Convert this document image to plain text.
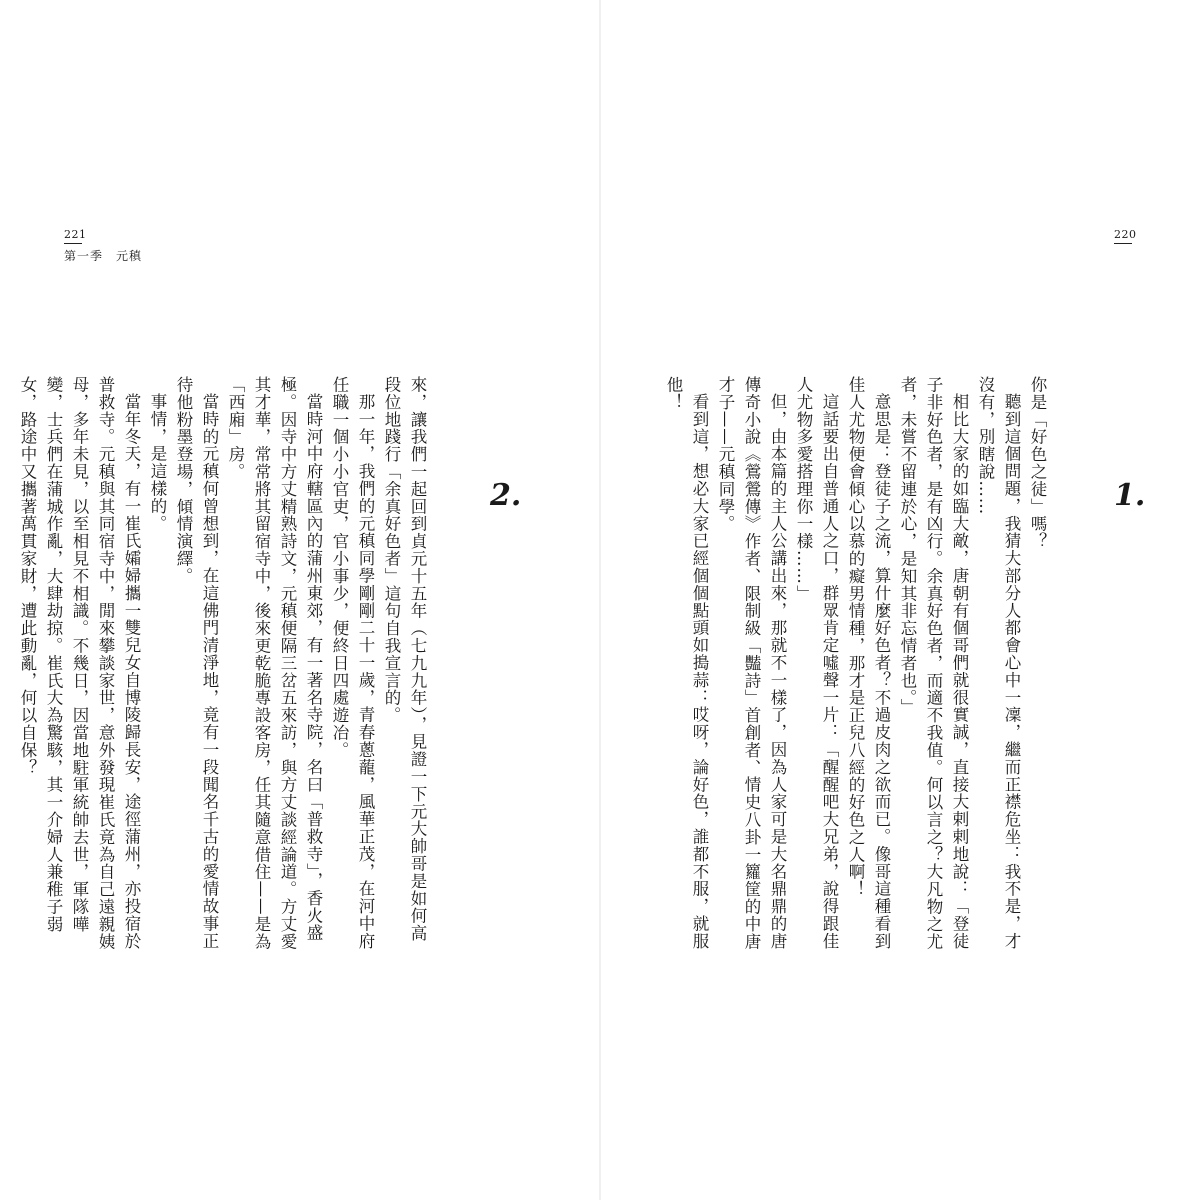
221
第一季　元稹
2.

來，讓我們一起回到貞元十五年（七九九年），見證一下元大帥哥是如何高段位地踐行「余真好色者」這句自我宣言的。

那一年，我們的元稹同學剛剛二十一歲，青春蔥蘢，風華正茂，在河中府任職一個小小官吏，官小事少，便終日四處遊冶。

當時河中府轄區內的蒲州東郊，有一著名寺院，名曰「普救寺」，香火盛極。因寺中方丈精熟詩文，元稹便隔三岔五來訪，與方丈談經論道。方丈愛其才華，常常將其留宿寺中，後來更乾脆專設客房，任其隨意借住——是為「西廂」房。

當時的元稹何曾想到，在這佛門清淨地，竟有一段聞名千古的愛情故事正待他粉墨登場，傾情演繹。

事情，是這樣的。

當年冬天，有一崔氏孀婦攜一雙兒女自博陵歸長安，途徑蒲州，亦投宿於普救寺。元稹與其同宿寺中，閒來攀談家世，意外發現崔氏竟為自己遠親姨母，多年未見，以至相見不相識。不幾日，因當地駐軍統帥去世，軍隊嘩變，士兵們在蒲城作亂，大肆劫掠。崔氏大為驚駭，其一介婦人兼稚子弱女，路途中又攜著萬貫家財，遭此動亂，何以自保？

220
1.

你是「好色之徒」嗎？

聽到這個問題，我猜大部分人都會心中一凜，繼而正襟危坐：我不是，才沒有，別瞎說……

相比大家的如臨大敵，唐朝有個哥們就很實誠，直接大剌剌地說：「登徒子非好色者，是有凶行。余真好色者，而適不我值。何以言之？大凡物之尤者，未嘗不留連於心，是知其非忘情者也。」

意思是：登徒子之流，算什麼好色者？不過皮肉之欲而已。像哥這種看到佳人尤物便會傾心以慕的癡男情種，那才是正兒八經的好色之人啊！

這話要出自普通人之口，群眾肯定噓聲一片：「醒醒吧大兄弟，說得跟佳人尤物多愛搭理你一樣……」

但，由本篇的主人公講出來，那就不一樣了，因為人家可是大名鼎鼎的唐傳奇小說《鶯鶯傳》作者、限制級「豔詩」首創者、情史八卦一籮筐的中唐才子——元稹同學。

看到這，想必大家已經個個點頭如搗蒜：哎呀，論好色，誰都不服，就服他！
